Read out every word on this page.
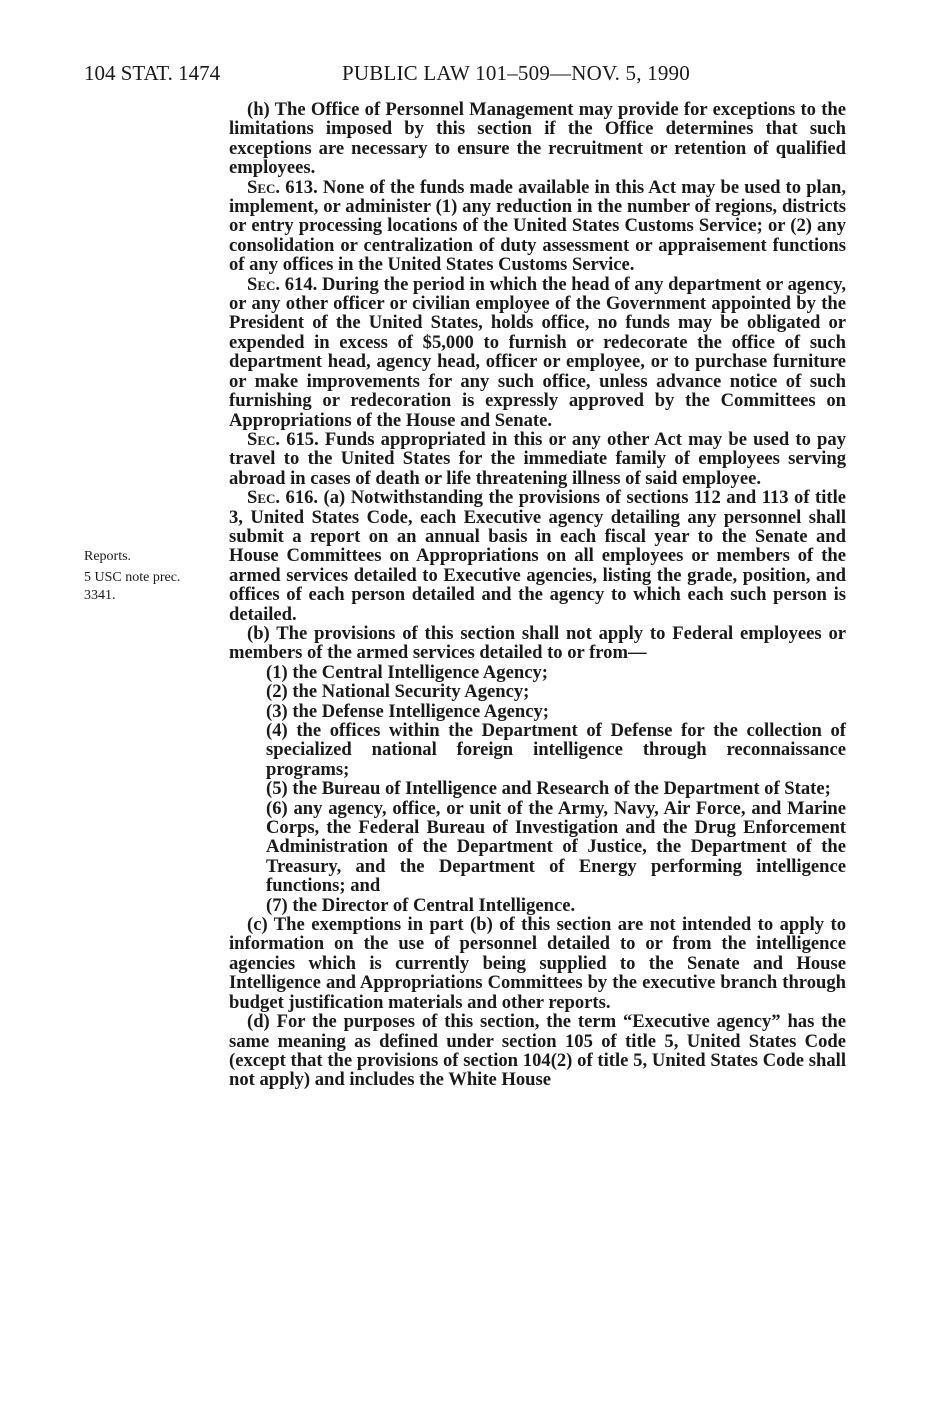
104 STAT. 1474	PUBLIC LAW 101–509—NOV. 5, 1990
Reports.
5 USC note prec.
3341.

(h) The Office of Personnel Management may provide for exceptions to the limitations imposed by this section if the Office determines that such exceptions are necessary to ensure the recruitment or retention of qualified employees.

Sec. 613. None of the funds made available in this Act may be used to plan, implement, or administer (1) any reduction in the number of regions, districts or entry processing locations of the United States Customs Service; or (2) any consolidation or centralization of duty assessment or appraisement functions of any offices in the United States Customs Service.

Sec. 614. During the period in which the head of any department or agency, or any other officer or civilian employee of the Government appointed by the President of the United States, holds office, no funds may be obligated or expended in excess of $5,000 to furnish or redecorate the office of such department head, agency head, officer or employee, or to purchase furniture or make improvements for any such office, unless advance notice of such furnishing or redecoration is expressly approved by the Committees on Appropriations of the House and Senate.

Sec. 615. Funds appropriated in this or any other Act may be used to pay travel to the United States for the immediate family of employees serving abroad in cases of death or life threatening illness of said employee.

Sec. 616. (a) Notwithstanding the provisions of sections 112 and 113 of title 3, United States Code, each Executive agency detailing any personnel shall submit a report on an annual basis in each fiscal year to the Senate and House Committees on Appropriations on all employees or members of the armed services detailed to Executive agencies, listing the grade, position, and offices of each person detailed and the agency to which each such person is detailed.

(b) The provisions of this section shall not apply to Federal employees or members of the armed services detailed to or from—

(1) the Central Intelligence Agency;

(2) the National Security Agency;

(3) the Defense Intelligence Agency;

(4) the offices within the Department of Defense for the collection of specialized national foreign intelligence through reconnaissance programs;

(5) the Bureau of Intelligence and Research of the Department of State;

(6) any agency, office, or unit of the Army, Navy, Air Force, and Marine Corps, the Federal Bureau of Investigation and the Drug Enforcement Administration of the Department of Justice, the Department of the Treasury, and the Department of Energy performing intelligence functions; and

(7) the Director of Central Intelligence.

(c) The exemptions in part (b) of this section are not intended to apply to information on the use of personnel detailed to or from the intelligence agencies which is currently being supplied to the Senate and House Intelligence and Appropriations Committees by the executive branch through budget justification materials and other reports.

(d) For the purposes of this section, the term “Executive agency” has the same meaning as defined under section 105 of title 5, United States Code (except that the provisions of section 104(2) of title 5, United States Code shall not apply) and includes the White House
